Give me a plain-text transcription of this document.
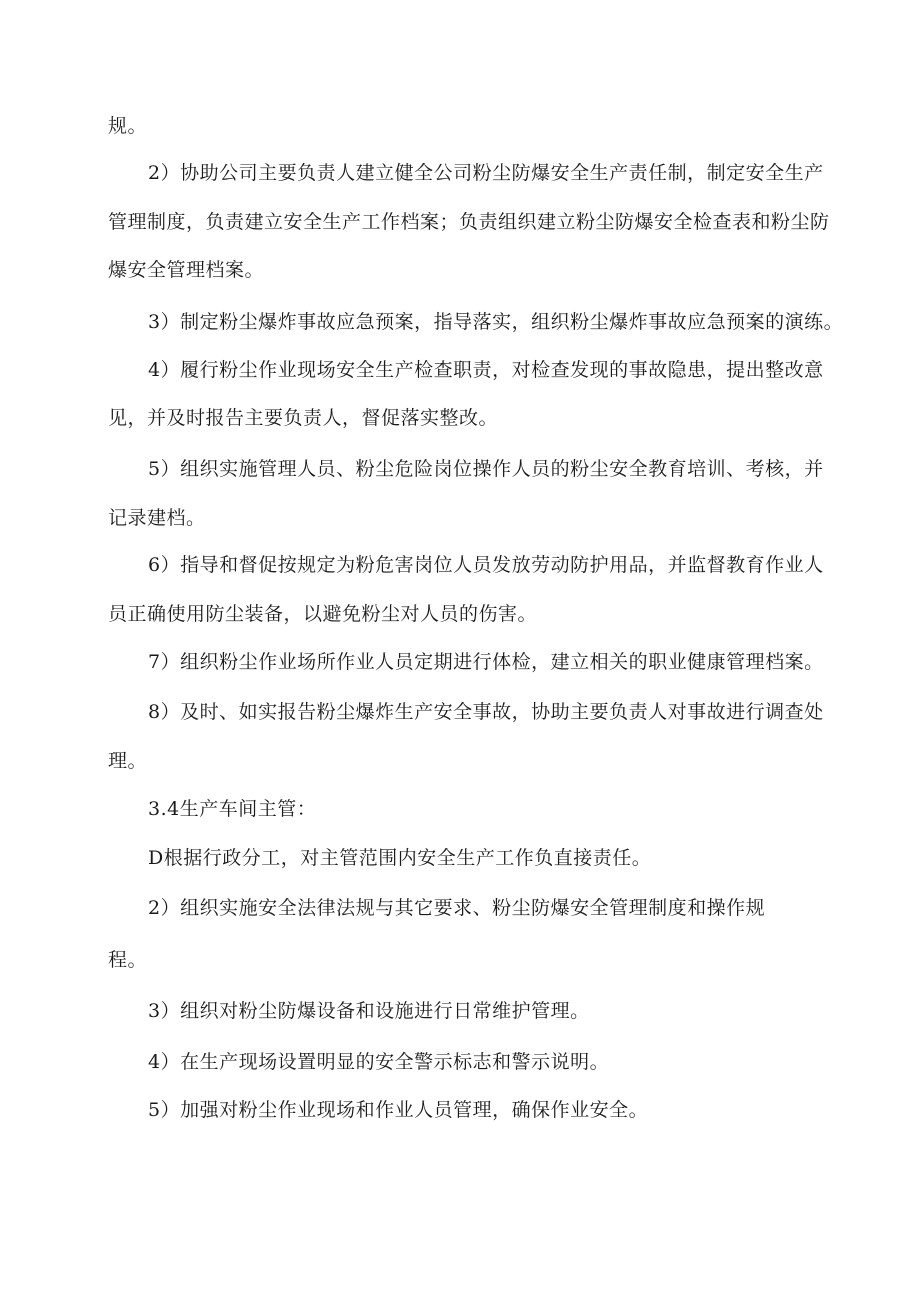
规。
2）协助公司主要负责人建立健全公司粉尘防爆安全生产责任制，制定安全生产
管理制度，负责建立安全生产工作档案；负责组织建立粉尘防爆安全检查表和粉尘防
爆安全管理档案。
3）制定粉尘爆炸事故应急预案，指导落实，组织粉尘爆炸事故应急预案的演练。
4）履行粉尘作业现场安全生产检查职责，对检查发现的事故隐患，提出整改意
见，并及时报告主要负责人，督促落实整改。
5）组织实施管理人员、粉尘危险岗位操作人员的粉尘安全教育培训、考核，并
记录建档。
6）指导和督促按规定为粉危害岗位人员发放劳动防护用品，并监督教育作业人
员正确使用防尘装备，以避免粉尘对人员的伤害。
7）组织粉尘作业场所作业人员定期进行体检，建立相关的职业健康管理档案。
8）及时、如实报告粉尘爆炸生产安全事故，协助主要负责人对事故进行调查处
理。
3.4生产车间主管：
D根据行政分工，对主管范围内安全生产工作负直接责任。
2）组织实施安全法律法规与其它要求、粉尘防爆安全管理制度和操作规
程。
3）组织对粉尘防爆设备和设施进行日常维护管理。
4）在生产现场设置明显的安全警示标志和警示说明。
5）加强对粉尘作业现场和作业人员管理，确保作业安全。
